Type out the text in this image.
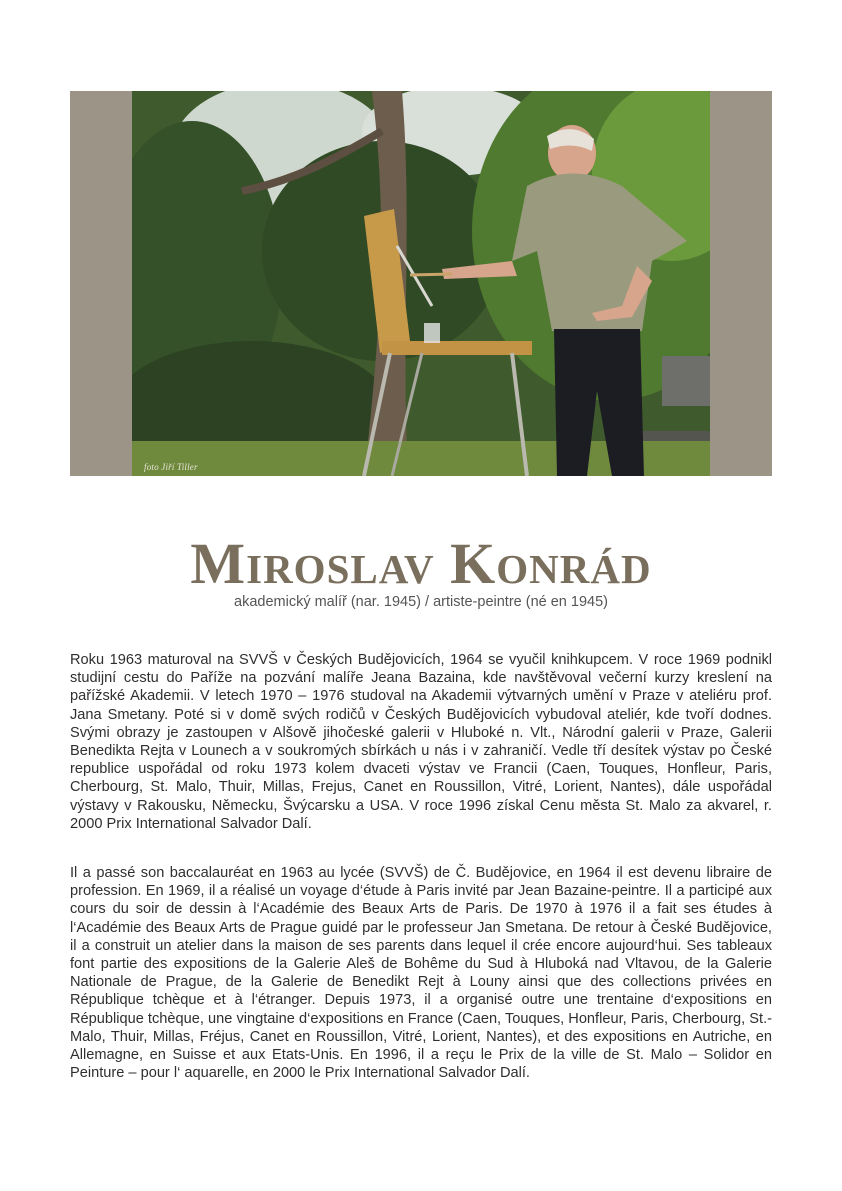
foto Jiří Tiller
Miroslav Konrád
akademický malíř (nar. 1945) / artiste-peintre (né en 1945)

Roku 1963 maturoval na SVVŠ v Českých Budějovicích, 1964 se vyučil knihkupcem. V roce 1969 podnikl studijní cestu do Paříže na pozvání malíře Jeana Bazaina, kde navštěvoval večerní kurzy kreslení na pařížské Akademii. V letech 1970 – 1976 studoval na Akademii výtvarných umění v Praze v ateliéru prof. Jana Smetany. Poté si v domě svých rodičů v Českých Budějovicích vybudoval ateliér, kde tvoří dodnes. Svými obrazy je zastoupen v Alšově jihočeské galerii v Hluboké n. Vlt., Národní galerii v Praze, Galerii Benedikta Rejta v Lounech a v soukromých sbírkách u nás i v zahraničí. Vedle tří desítek výstav po České republice uspořádal od roku 1973 kolem dvaceti výstav ve Francii (Caen, Touques, Honfleur, Paris, Cherbourg, St. Malo, Thuir, Millas, Frejus, Canet en Roussillon, Vitré, Lorient, Nantes), dále uspořádal výstavy v Rakousku, Německu, Švýcarsku a USA. V roce 1996 získal Cenu města St. Malo za akvarel, r. 2000 Prix International Salvador Dalí.

Il a passé son baccalauréat en 1963 au lycée (SVVŠ) de Č. Budějovice, en 1964 il est devenu libraire de profession. En 1969, il a réalisé un voyage d‘étude à Paris invité par Jean Bazaine-peintre. Il a participé aux cours du soir de dessin à l‘Académie des Beaux Arts de Paris. De 1970 à 1976 il a fait ses études à l‘Académie des Beaux Arts de Prague guidé par le professeur Jan Smetana. De retour à České Budějovice, il a construit un atelier dans la maison de ses parents dans lequel il crée encore aujourd‘hui. Ses tableaux font partie des expositions de la Galerie Aleš de Bohême du Sud à Hluboká nad Vltavou, de la Galerie Nationale de Prague, de la Galerie de Benedikt Rejt à Louny ainsi que des collections privées en République tchèque et à l‘étranger. Depuis 1973, il a organisé outre une trentaine d‘expositions en République tchèque, une vingtaine d‘expositions en France (Caen, Touques, Honfleur, Paris, Cherbourg, St.- Malo, Thuir, Millas, Fréjus, Canet en Roussillon, Vitré, Lorient, Nantes), et des expositions en Autriche, en Allemagne, en Suisse et aux Etats-Unis. En 1996, il a reçu le Prix de la ville de St. Malo – Solidor en Peinture – pour l‘ aquarelle, en 2000 le Prix International Salvador Dalí.
